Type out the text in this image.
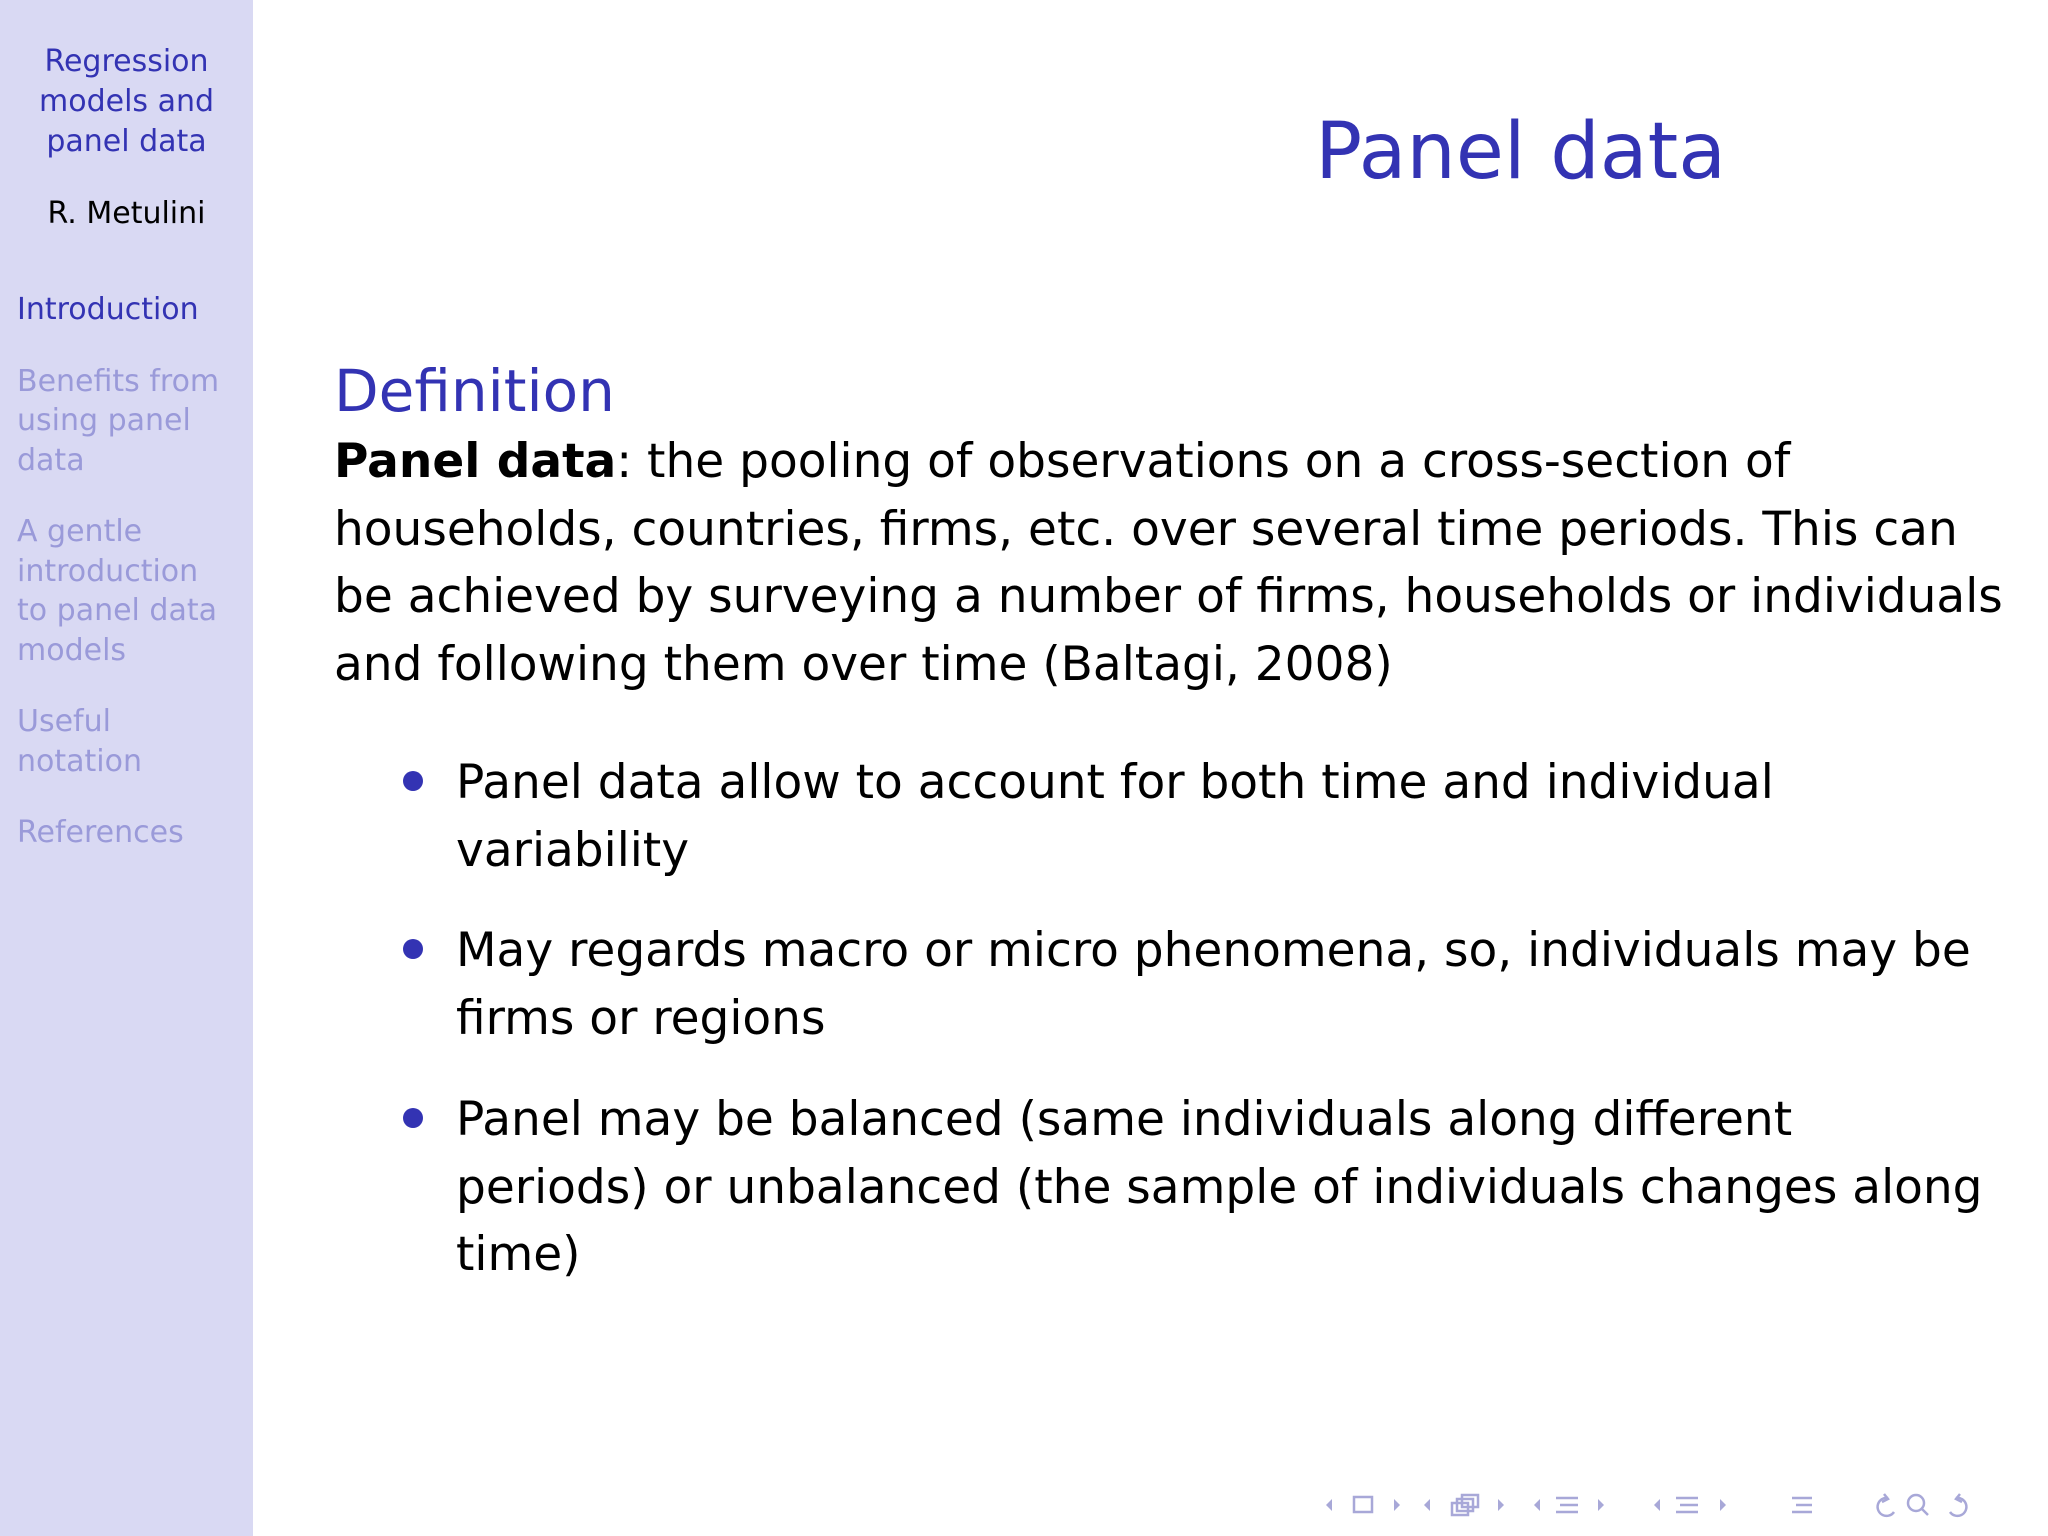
Regression
models and
panel data
R. Metulini
Introduction
Benefits from
using panel
data
A gentle
introduction
to panel data
models
Useful
notation
References
Panel data
Definition
Panel data: the pooling of observations on a cross-section of
households, countries, firms, etc. over several time periods. This can
be achieved by surveying a number of firms, households or individuals
and following them over time (Baltagi, 2008)
Panel data allow to account for both time and individual
variability
May regards macro or micro phenomena, so, individuals may be
firms or regions
Panel may be balanced (same individuals along different
periods) or unbalanced (the sample of individuals changes along
time)
